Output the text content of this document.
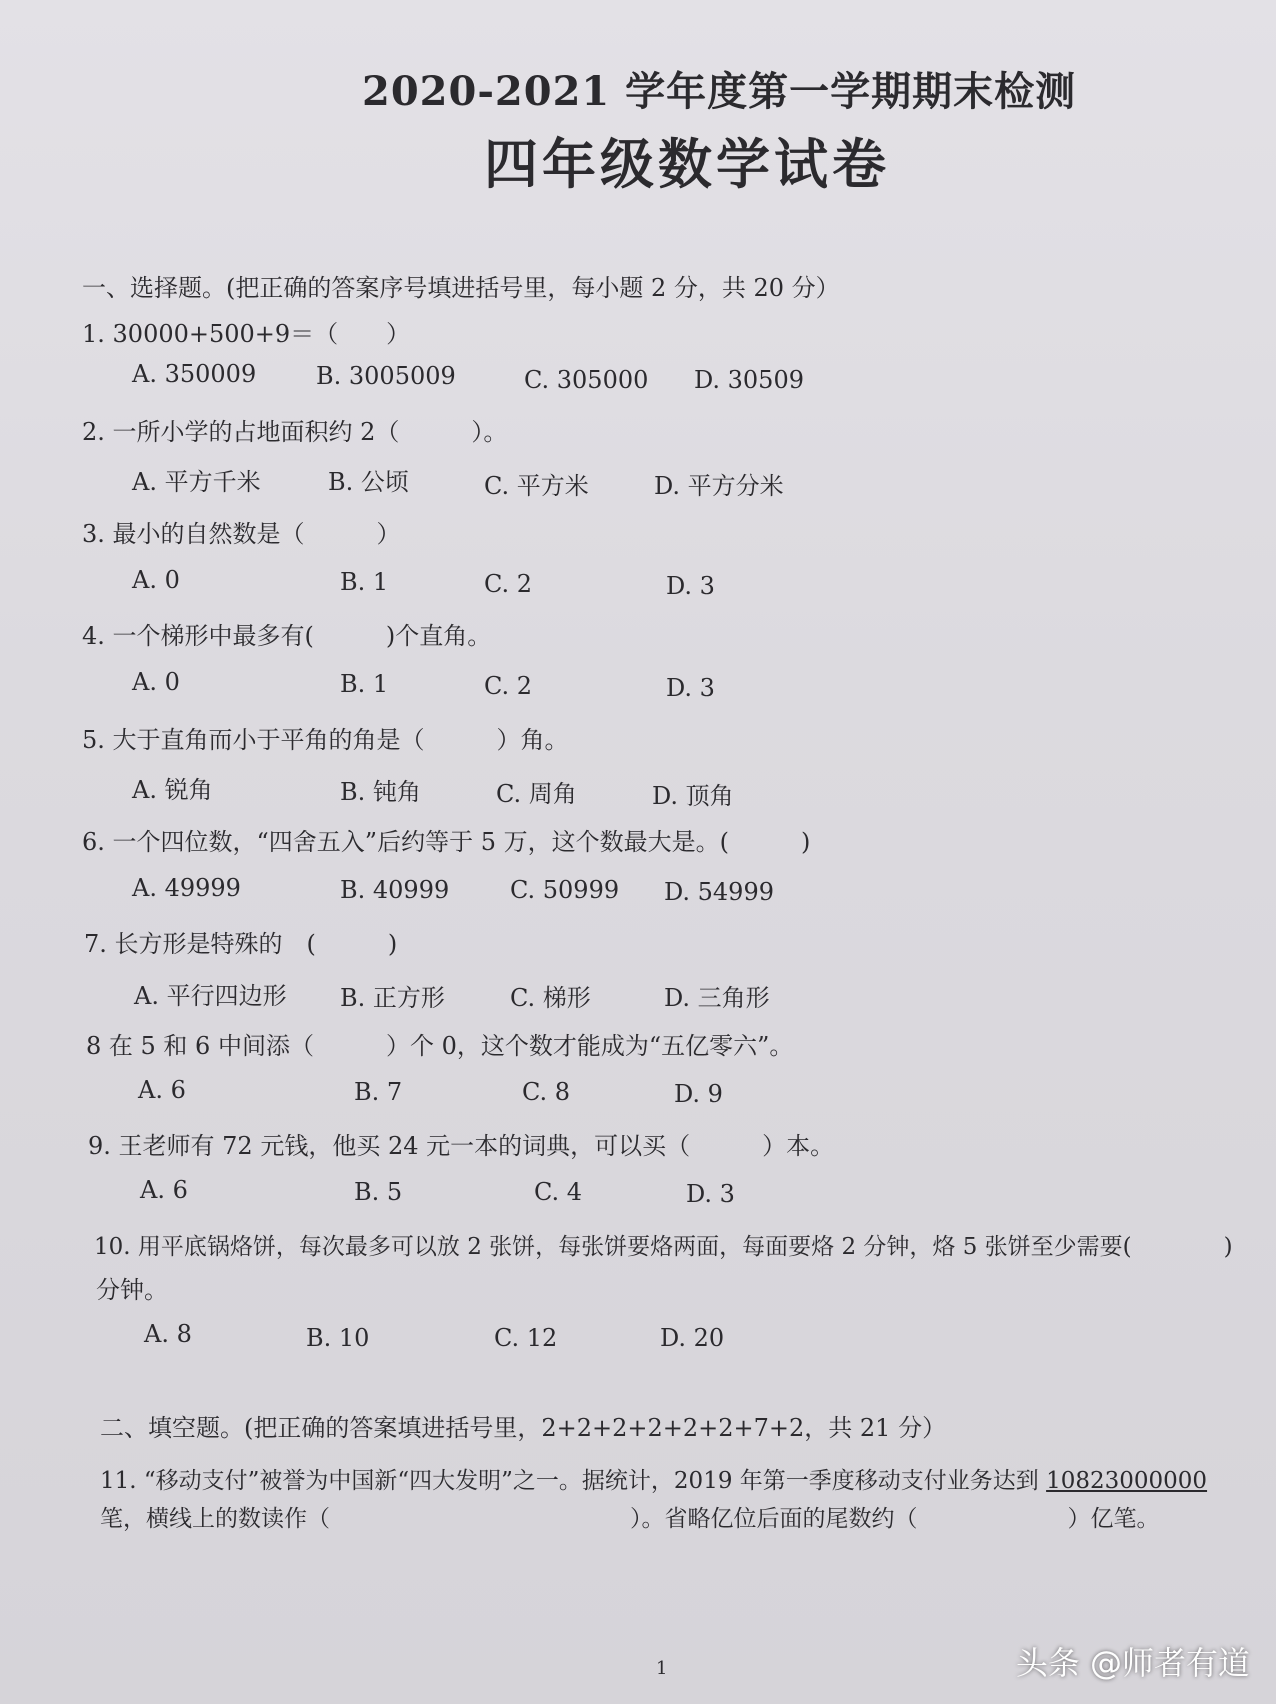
2020-2021 学年度第一学期期末检测
四年级数学试卷
一、选择题。(把正确的答案序号填进括号里，每小题 2 分，共 20 分）
1. 30000+500+9＝（　　）
A. 350009 B. 3005009	C. 305000 D. 30509
2. 一所小学的占地面积约 2（　　　）。
A. 平方千米	B. 公顷	C. 平方米	D. 平方分米
3. 最小的自然数是（　　　）
A. 0	B. 1	C. 2	D. 3
4. 一个梯形中最多有(　　　)个直角。
A. 0	B. 1	C. 2	D. 3
5. 大于直角而小于平角的角是（　　　）角。
A. 锐角	B. 钝角	C. 周角	D. 顶角
6. 一个四位数，“四舍五入”后约等于 5 万，这个数最大是。(　　　)
A. 49999	B. 40999	C. 50999 D. 54999
7. 长方形是特殊的　(　　　)
A. 平行四边形 B. 正方形	C. 梯形	D. 三角形
8 在 5 和 6 中间添（　　　）个 0，这个数才能成为“五亿零六”。
A. 6	B. 7	C. 8	D. 9
9. 王老师有 72 元钱，他买 24 元一本的词典，可以买（　　　）本。
A. 6	B. 5	C. 4	D. 3
10. 用平底锅烙饼，每次最多可以放 2 张饼，每张饼要烙两面，每面要烙 2 分钟，烙 5 张饼至少需要(　　　　)
分钟。
A. 8	B. 10	C. 12	D. 20
二、填空题。(把正确的答案填进括号里，2+2+2+2+2+2+7+2，共 21 分）
11. “移动支付”被誉为中国新“四大发明”之一。据统计，2019 年第一季度移动支付业务达到 10823000000
笔，横线上的数读作（	）。省略亿位后面的尾数约（	）亿笔。
1	头条 @师者有道
